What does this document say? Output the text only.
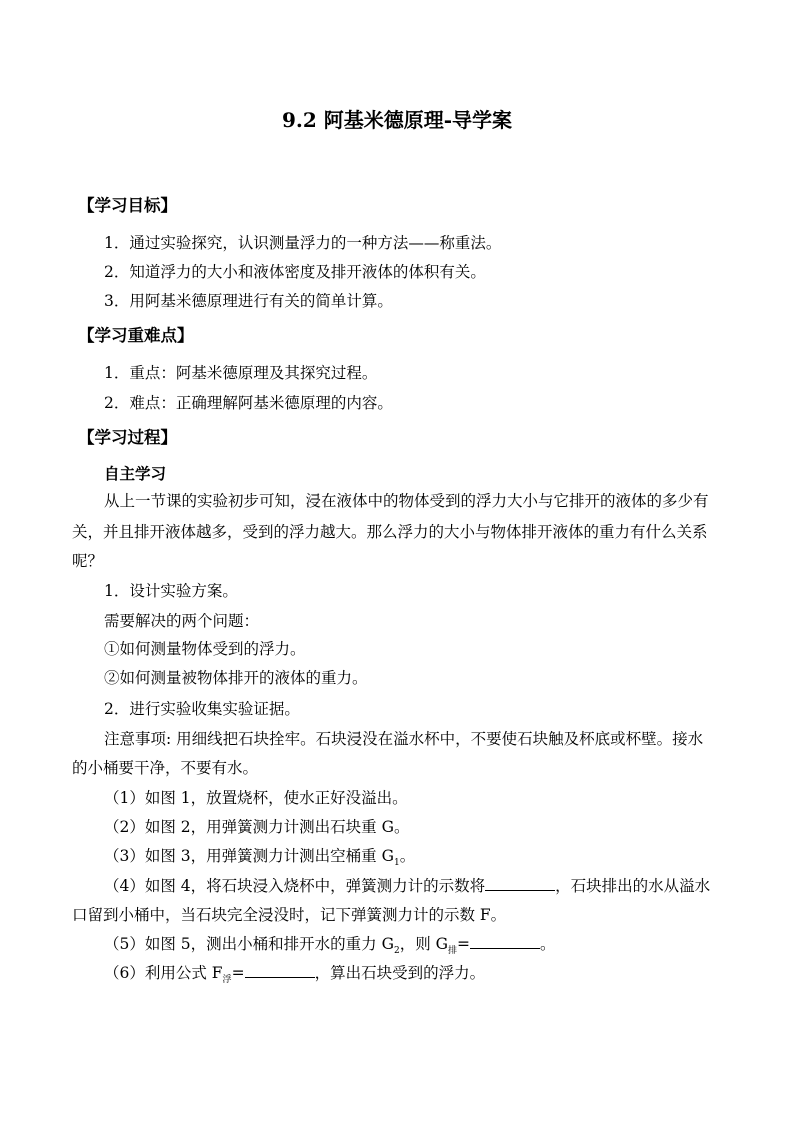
9.2 阿基米德原理-导学案
【学习目标】
1．通过实验探究，认识测量浮力的一种方法——称重法。
2．知道浮力的大小和液体密度及排开液体的体积有关。
3．用阿基米德原理进行有关的简单计算。
【学习重难点】
1．重点：阿基米德原理及其探究过程。
2．难点：正确理解阿基米德原理的内容。
【学习过程】
自主学习
从上一节课的实验初步可知，浸在液体中的物体受到的浮力大小与它排开的液体的多少有
关，并且排开液体越多，受到的浮力越大。那么浮力的大小与物体排开液体的重力有什么关系
呢？
1．设计实验方案。
需要解决的两个问题：
①如何测量物体受到的浮力。
②如何测量被物体排开的液体的重力。
2．进行实验收集实验证据。
注意事项: 用细线把石块拴牢。石块浸没在溢水杯中，不要使石块触及杯底或杯壁。接水
的小桶要干净，不要有水。
（1）如图 1，放置烧杯，使水正好没溢出。
（2）如图 2，用弹簧测力计测出石块重 G。
（3）如图 3，用弹簧测力计测出空桶重 $G_1$。
（4）如图 4，将石块浸入烧杯中，弹簧测力计的示数将	，石块排出的水从溢水
口留到小桶中，当石块完全浸没时，记下弹簧测力计的示数 F。
（5）如图 5，测出小桶和排开水的重力 $G_2$，则 $G_排=$	。
（6）利用公式 $F_浮=$	，算出石块受到的浮力。
